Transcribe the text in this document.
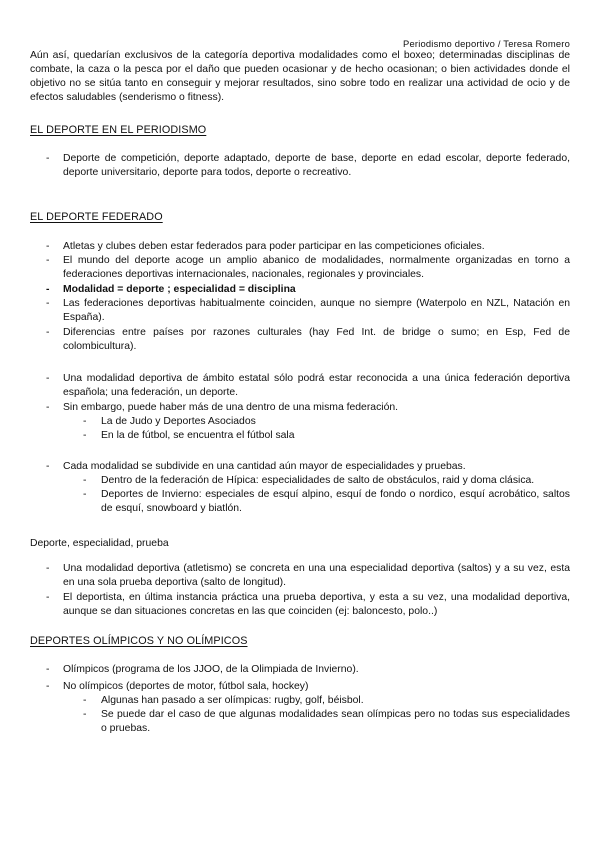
Periodismo deportivo / Teresa Romero
Aún así, quedarían exclusivos de la categoría deportiva modalidades como el boxeo; determinadas disciplinas de combate, la caza o la pesca por el daño que pueden ocasionar y de hecho ocasionan; o bien actividades donde el objetivo no se sitúa tanto en conseguir y mejorar resultados, sino sobre todo en realizar una actividad de ocio y de efectos saludables (senderismo o fitness).
EL DEPORTE EN EL PERIODISMO
- Deporte de competición, deporte adaptado, deporte de base, deporte en edad escolar, deporte federado, deporte universitario, deporte para todos, deporte o recreativo.
EL DEPORTE FEDERADO
- Atletas y clubes deben estar federados para poder participar en las competiciones oficiales.
- El mundo del deporte acoge un amplio abanico de modalidades, normalmente organizadas en torno a federaciones deportivas internacionales, nacionales, regionales y provinciales.
- Modalidad = deporte ; especialidad = disciplina
- Las federaciones deportivas habitualmente coinciden, aunque no siempre (Waterpolo en NZL, Natación en España).
- Diferencias entre países por razones culturales (hay Fed Int. de bridge o sumo; en Esp, Fed de colombicultura).
- Una modalidad deportiva de ámbito estatal sólo podrá estar reconocida a una única federación deportiva española; una federación, un deporte.
- Sin embargo, puede haber más de una dentro de una misma federación.
- La de Judo y Deportes Asociados
- En la de fútbol, se encuentra el fútbol sala
- Cada modalidad se subdivide en una cantidad aún mayor de especialidades y pruebas.
- Dentro de la federación de Hípica: especialidades de salto de obstáculos, raid y doma clásica.
- Deportes de Invierno: especiales de esquí alpino, esquí de fondo o nordico, esquí acrobático, saltos de esquí, snowboard y biatlón.
Deporte, especialidad, prueba
- Una modalidad deportiva (atletismo) se concreta en una una especialidad deportiva (saltos) y a su vez, esta en una sola prueba deportiva (salto de longitud).
- El deportista, en última instancia práctica una prueba deportiva, y esta a su vez, una modalidad deportiva, aunque se dan situaciones concretas en las que coinciden (ej: baloncesto, polo..)
DEPORTES OLÍMPICOS Y NO OLÍMPICOS
- Olímpicos (programa de los JJOO, de la Olimpiada de Invierno).
- No olímpicos (deportes de motor, fútbol sala, hockey)
- Algunas han pasado a ser olímpicas: rugby, golf, béisbol.
- Se puede dar el caso de que algunas modalidades sean olímpicas pero no todas sus especialidades o pruebas.
